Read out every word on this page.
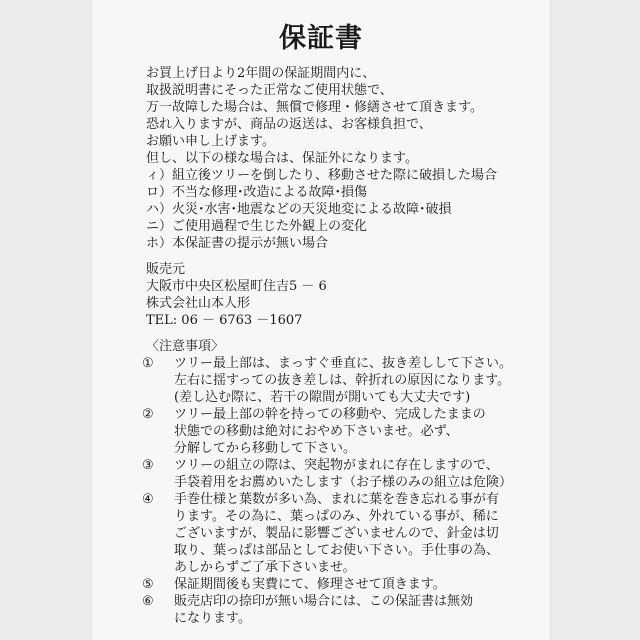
保証書
お買上げ日より2年間の保証期間内に、
取扱説明書にそった正常なご使用状態で、
万一故障した場合は、無償で修理・修繕させて頂きます。
恐れ入りますが、商品の返送は、お客様負担で、
お願い申し上げます。
但し、以下の様な場合は、保証外になります。
ィ）組立後ツリーを倒したり、移動させた際に破損した場合
ロ）不当な修理･改造による故障･損傷
ハ）火災･水害･地震などの天災地変による故障･破損
ニ）ご使用過程で生じた外観上の変化
ホ）本保証書の提示が無い場合
販売元
大阪市中央区松屋町住吉5 － 6
株式会社山本人形
TEL: 06 － 6763 －1607
〈注意事項〉
① ツリー最上部は、まっすぐ垂直に、抜き差しして下さい。
左右に揺すっての抜き差しは、幹折れの原因になります。
(差し込む際に、若干の隙間が開いても大丈夫です)
② ツリー最上部の幹を持っての移動や、完成したままの
状態での移動は絶対におやめ下さいませ。必ず、
分解してから移動して下さい。
③ ツリーの組立の際は、突起物がまれに存在しますので、
手袋着用をお薦めいたします（お子様のみの組立は危険）
④ 手巻仕様と葉数が多い為、まれに葉を巻き忘れる事が有
ります。その為に、葉っぱのみ、外れている事が、稀に
ございますが、製品に影響ございませんので、針金は切
取り、葉っぱは部品としてお使い下さい。手仕事の為、
あしからずご了承下さいませ。
⑤ 保証期間後も実費にて、修理させて頂きます。
⑥ 販売店印の捺印が無い場合には、この保証書は無効
になります。
